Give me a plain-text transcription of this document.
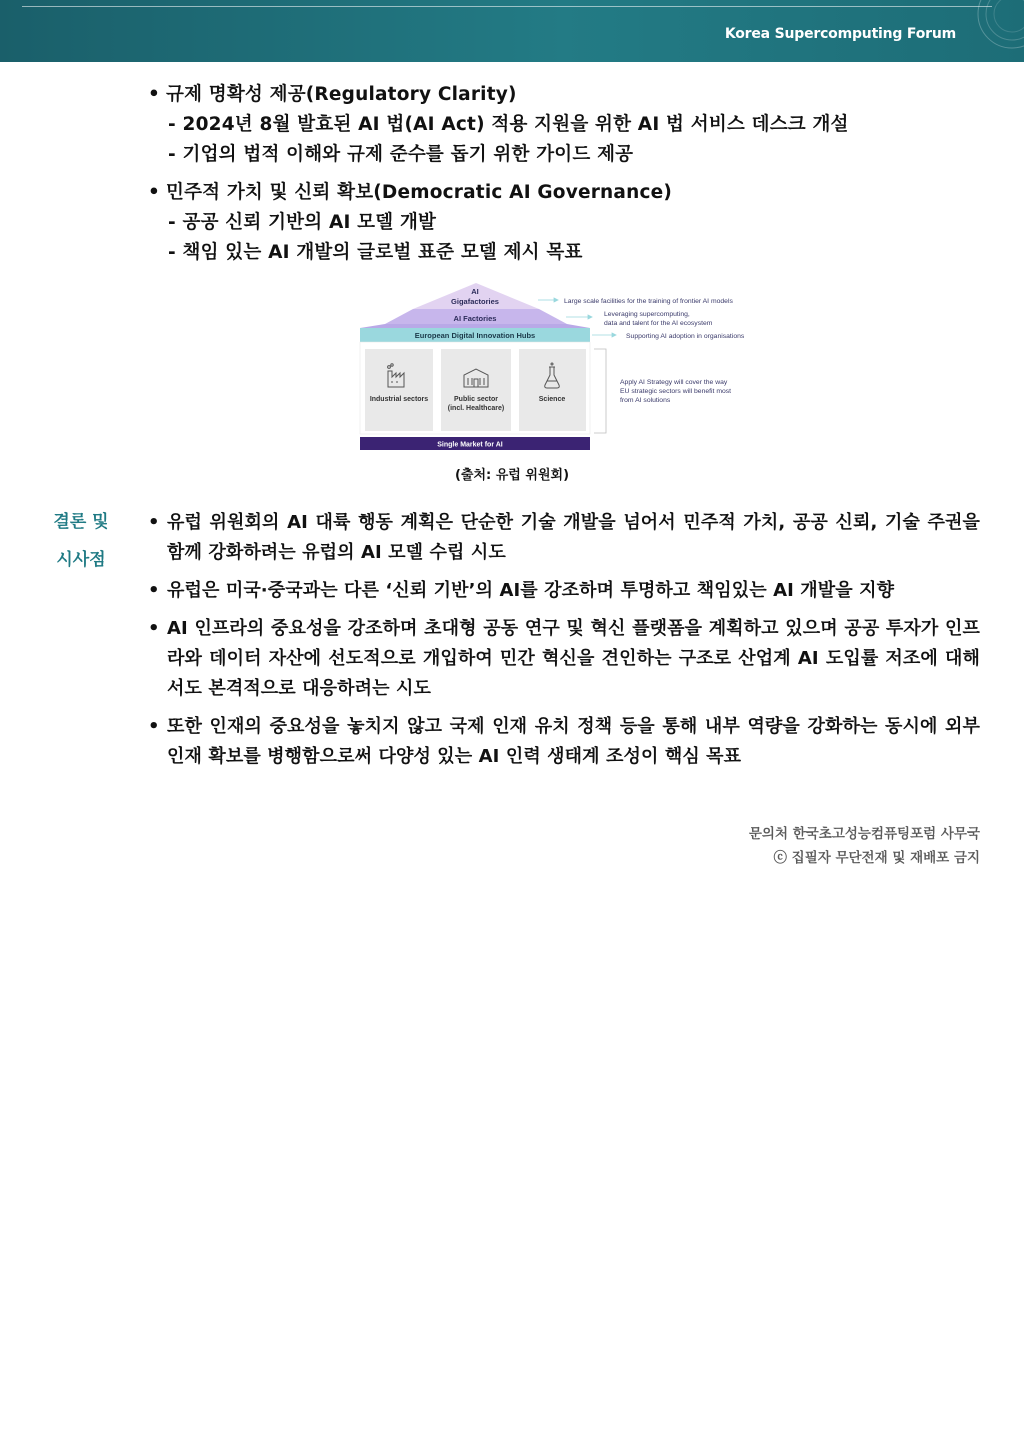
Korea Supercomputing Forum
• 규제 명확성 제공(Regulatory Clarity)
- 2024년 8월 발효된 AI 법(AI Act) 적용 지원을 위한 AI 법 서비스 데스크 개설
- 기업의 법적 이해와 규제 준수를 돕기 위한 가이드 제공
• 민주적 가치 및 신뢰 확보(Democratic AI Governance)
- 공공 신뢰 기반의 AI 모델 개발
- 책임 있는 AI 개발의 글로벌 표준 모델 제시 목표
AI
Gigafactories
AI Factories
European Digital Innovation Hubs
Industrial sectors	Public sector
(incl. Healthcare)
Science
Single Market for AI
Large scale facilities for the training of frontier AI models
Leveraging supercomputing,
data and talent for the AI ecosystem
Supporting AI adoption in organisations
Apply AI Strategy will cover the way
EU strategic sectors will benefit most
from AI solutions
(출처: 유럽 위원회)
결론 및
시사점
• 유럽 위원회의 AI 대륙 행동 계획은 단순한 기술 개발을 넘어서 민주적 가치, 공공 신뢰, 기술 주권을 함께 강화하려는 유럽의 AI 모델 수립 시도

• 유럽은 미국·중국과는 다른 ‘신뢰 기반’의 AI를 강조하며 투명하고 책임있는 AI 개발을 지향

• AI 인프라의 중요성을 강조하며 초대형 공동 연구 및 혁신 플랫폼을 계획하고 있으며 공공 투자가 인프라와 데이터 자산에 선도적으로 개입하여 민간 혁신을 견인하는 구조로 산업계 AI 도입률 저조에 대해서도 본격적으로 대응하려는 시도

• 또한 인재의 중요성을 놓치지 않고 국제 인재 유치 정책 등을 통해 내부 역량을 강화하는 동시에 외부 인재 확보를 병행함으로써 다양성 있는 AI 인력 생태계 조성이 핵심 목표

문의처 한국초고성능컴퓨팅포럼 사무국
ⓒ 집필자 무단전재 및 재배포 금지
